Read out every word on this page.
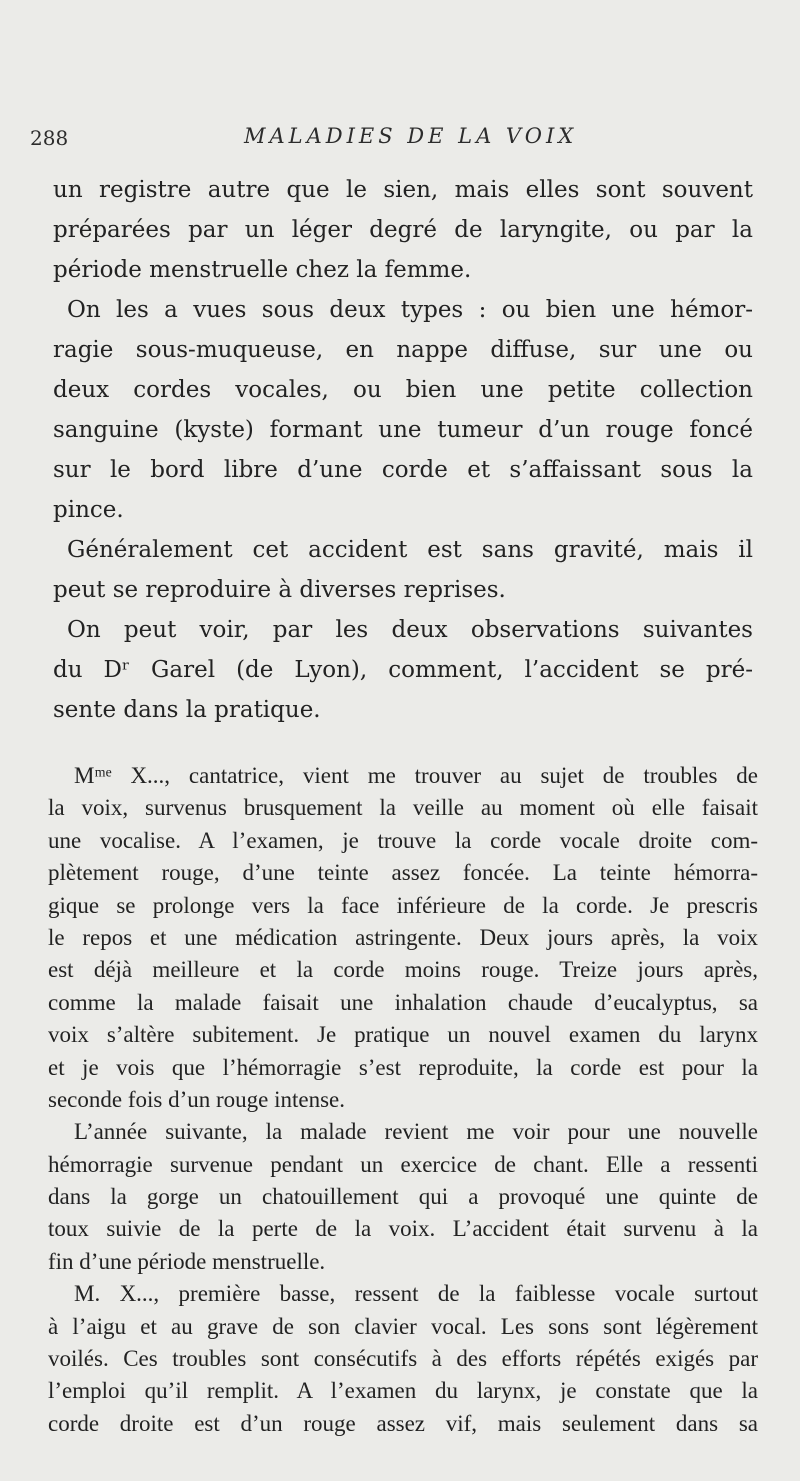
288	MALADIES DE LA VOIX
un registre autre que le sien, mais elles sont souvent
préparées par un léger degré de laryngite, ou par la
période menstruelle chez la femme.
On les a vues sous deux types : ou bien une hémor-
ragie sous-muqueuse, en nappe diffuse, sur une ou
deux cordes vocales, ou bien une petite collection
sanguine (kyste) formant une tumeur d’un rouge foncé
sur le bord libre d’une corde et s’affaissant sous la
pince.
Généralement cet accident est sans gravité, mais il
peut se reproduire à diverses reprises.
On peut voir, par les deux observations suivantes
du Dʳ Garel (de Lyon), comment, l’accident se pré-
sente dans la pratique.
Mᵐᵉ X..., cantatrice, vient me trouver au sujet de troubles de
la voix, survenus brusquement la veille au moment où elle faisait
une vocalise. A l’examen, je trouve la corde vocale droite com-
plètement rouge, d’une teinte assez foncée. La teinte hémorra-
gique se prolonge vers la face inférieure de la corde. Je prescris
le repos et une médication astringente. Deux jours après, la voix
est déjà meilleure et la corde moins rouge. Treize jours après,
comme la malade faisait une inhalation chaude d’eucalyptus, sa
voix s’altère subitement. Je pratique un nouvel examen du larynx
et je vois que l’hémorragie s’est reproduite, la corde est pour la
seconde fois d’un rouge intense.
L’année suivante, la malade revient me voir pour une nouvelle
hémorragie survenue pendant un exercice de chant. Elle a ressenti
dans la gorge un chatouillement qui a provoqué une quinte de
toux suivie de la perte de la voix. L’accident était survenu à la
fin d’une période menstruelle.
M. X..., première basse, ressent de la faiblesse vocale surtout
à l’aigu et au grave de son clavier vocal. Les sons sont légèrement
voilés. Ces troubles sont consécutifs à des efforts répétés exigés par
l’emploi qu’il remplit. A l’examen du larynx, je constate que la
corde droite est d’un rouge assez vif, mais seulement dans sa
